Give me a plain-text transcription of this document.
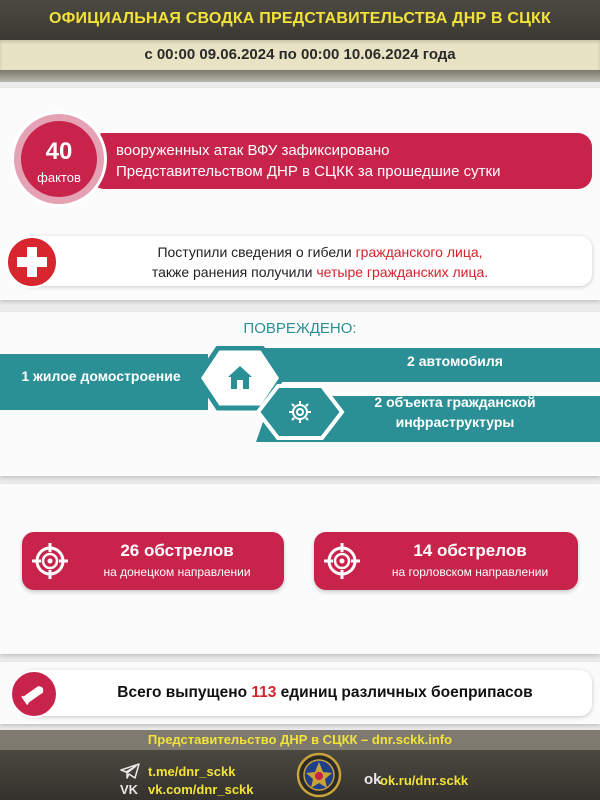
ОФИЦИАЛЬНАЯ СВОДКА ПРЕДСТАВИТЕЛЬСТВА ДНР В СЦКК
с 00:00 09.06.2024 по 00:00 10.06.2024 года
вооруженных атак ВФУ зафиксировано
Представительством ДНР в СЦКК за прошедшие сутки
40
фактов
Поступили сведения о гибели гражданского лица,
также ранения получили четыре гражданских лица.
ПОВРЕЖДЕНО:
1 жилое домостроение
2 автомобиля
2 объекта гражданской
инфраструктуры
26 обстрелов
на донецком направлении
14 обстрелов
на горловском направлении
Всего выпущено 113 единиц различных боеприпасов
Представительство ДНР в СЦКК – dnr.sckk.info
t.me/dnr_sckk
VK vk.com/dnr_sckk
ok
ok.ru/dnr.sckk
